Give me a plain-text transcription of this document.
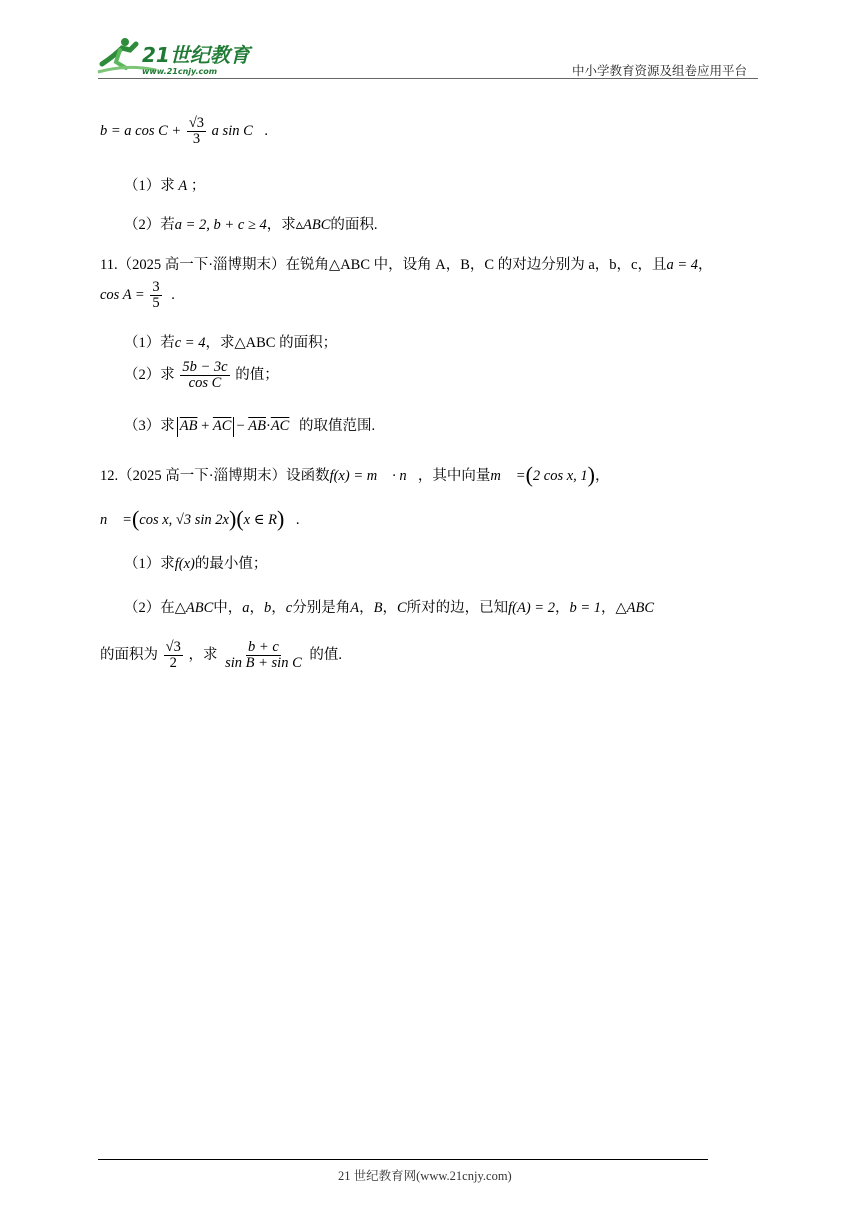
21世纪教育
www.21cnjy.com	中小学教育资源及组卷应用平台
b = a $\cos C + \frac{√3}{3}$ a sin C .
（1）求 A ；
（2）若a = 2, b + c ≥ 4，求▵ABC的面积.
11.（2025 高一下·淄博期末）在锐角△ABC 中，设角 A，B，C 的对边分别为 a，b，c，且a = 4，
$\cos A = \frac{3}{5}$ .
（1）若c = 4，求△ABC 的面积；
（2）求 $\frac{5b - 3c}{\text{cos C}}$ 的值；
（3）求 $\overline{AB} + \overline{AC} - \overline{AB}\cdot\overline{AC}$ 的取值范围.
12.（2025 高一下·淄博期末）设函数f(x) = m⃗ · n⃗，其中向量m⃗ =(2 cos x, 1)，
n⃗ =(cos x, √3 sin 2x)(x ∈ R) .
（1）求f(x)的最小值；
（2）在△ABC中，a，b，c分别是角A，B，C所对的边，已知f(A) = 2，b = 1，△ABC
的面积为 $\frac{√3}{2}$ ，求 $\frac{b + c}{\text{sin B + sin C}}$ 的值.
21 世纪教育网(www.21cnjy.com)
